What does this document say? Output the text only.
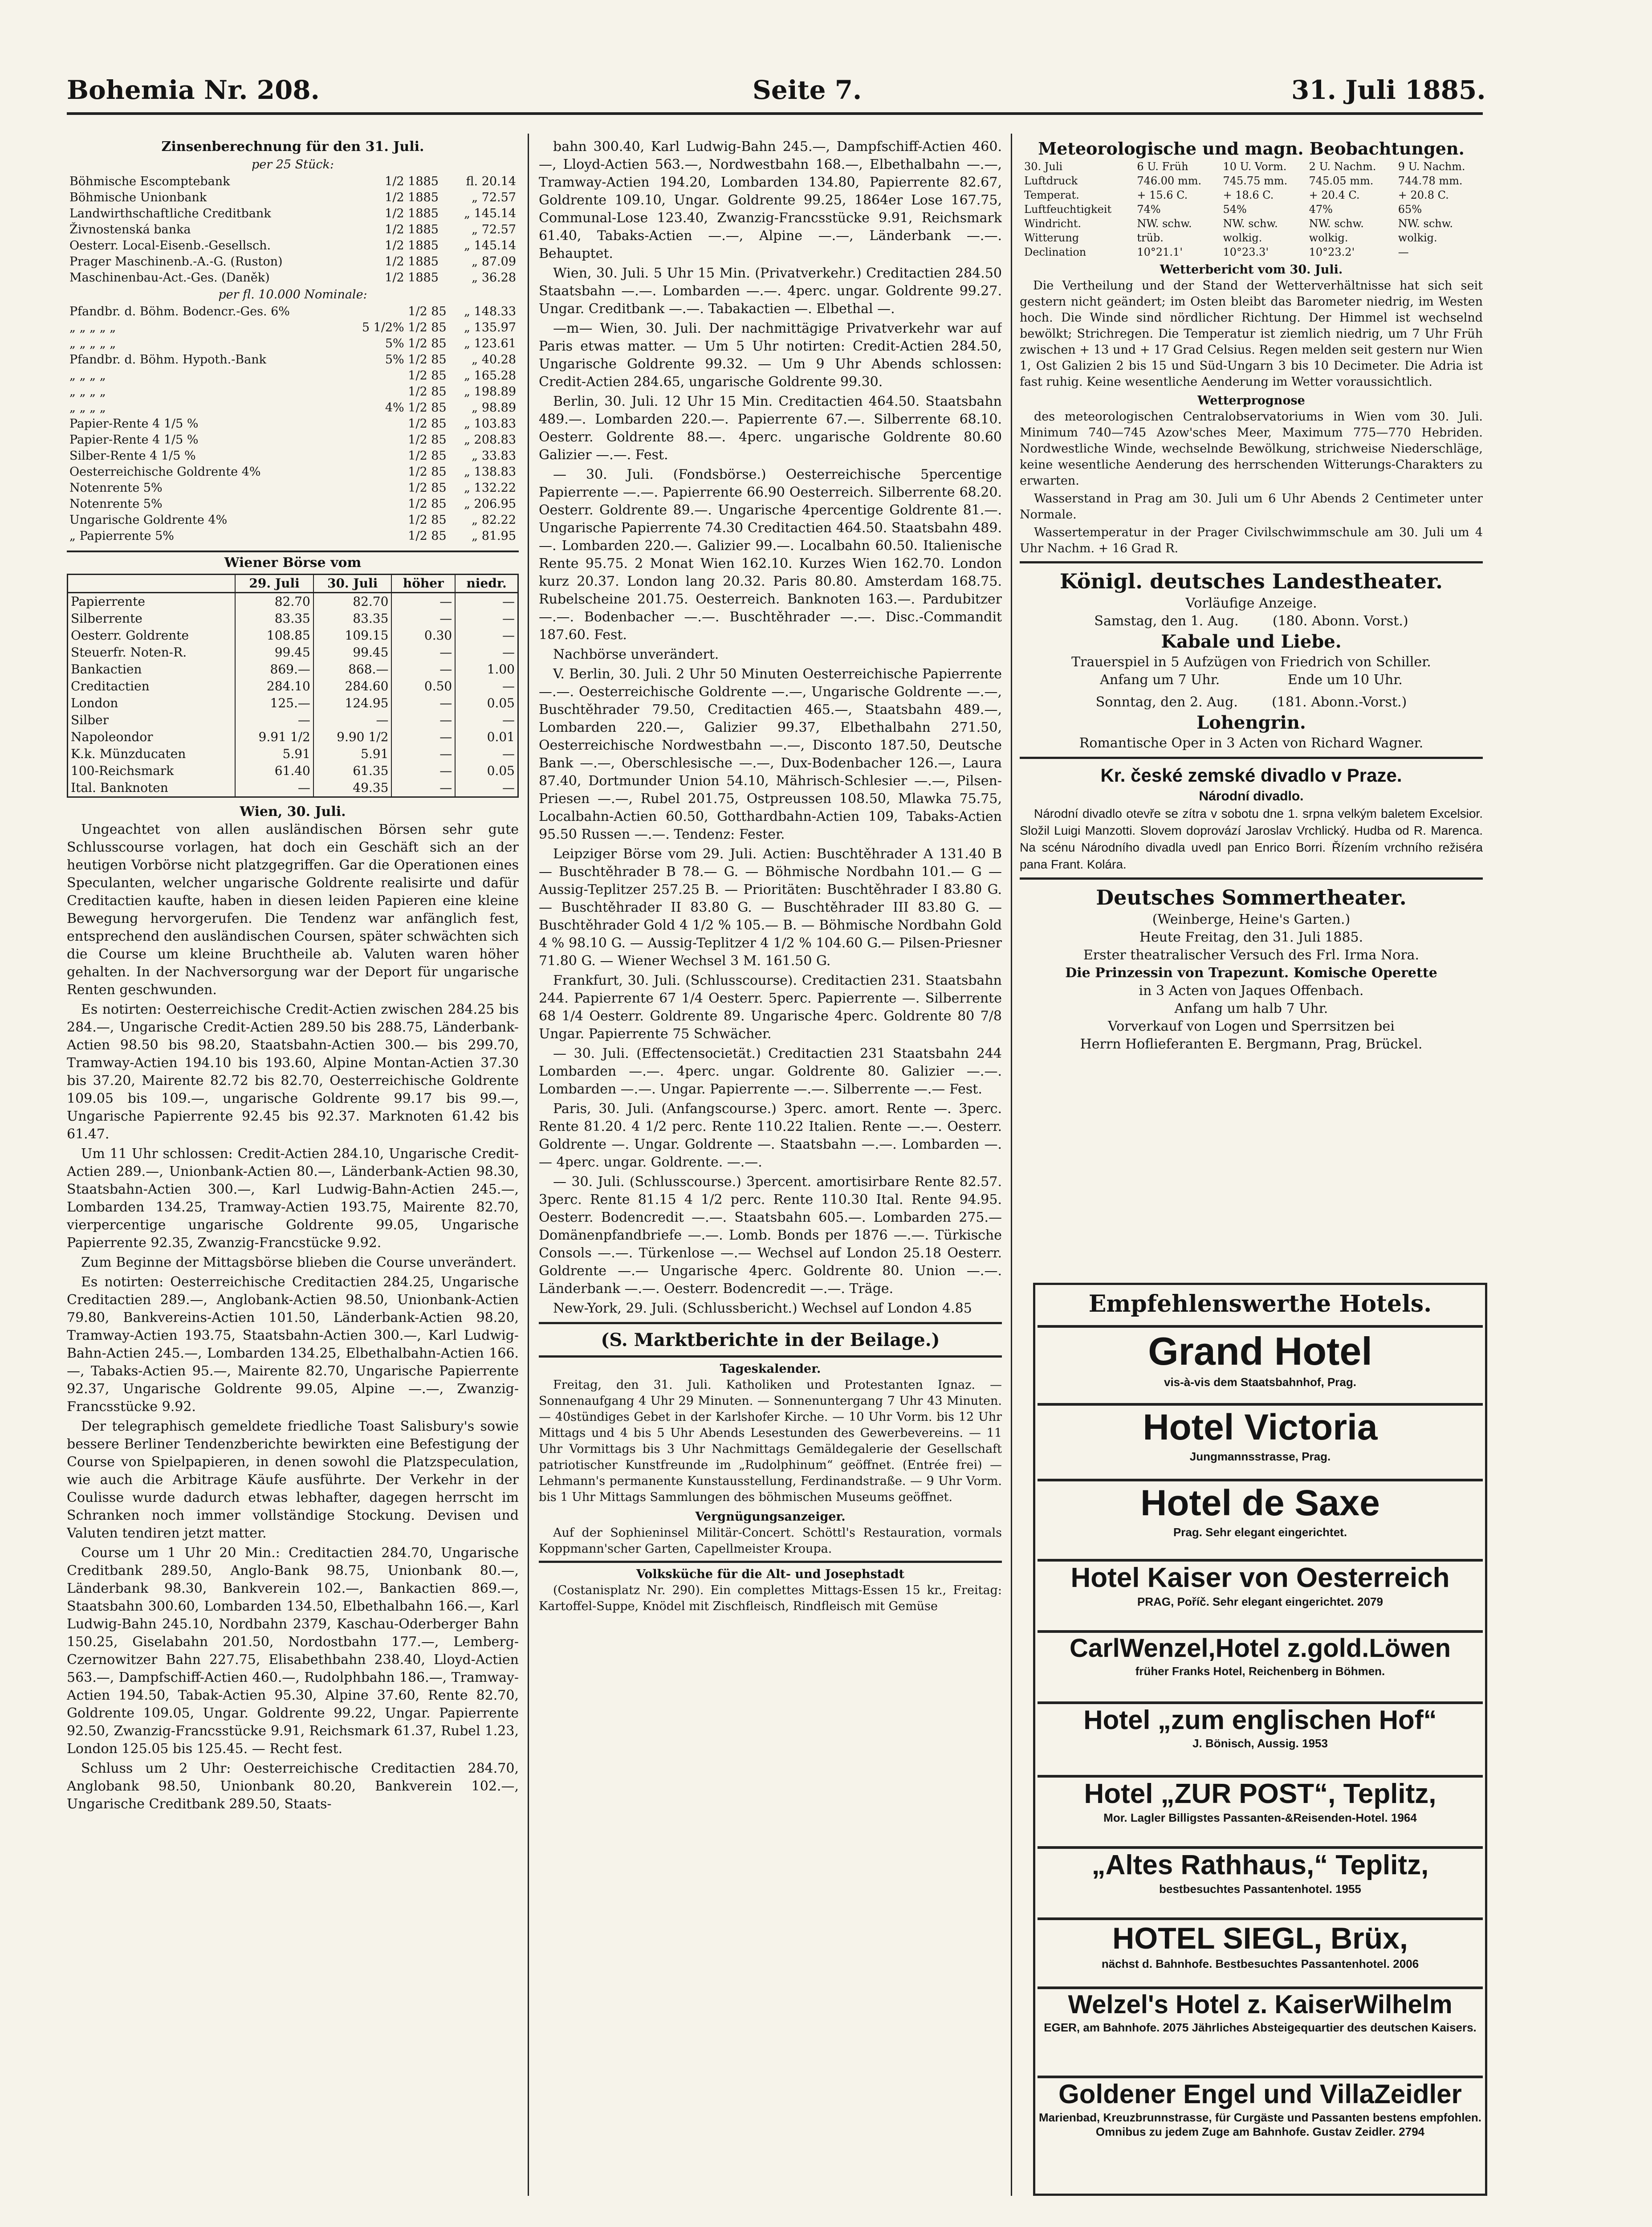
Bohemia Nr. 208.	Seite 7.	31. Juli 1885.
Zinsenberechnung für den 31. Juli.
per 25 Stück:
Böhmische Escomptebank	1/2 1885	fl. 20.14
Böhmische Unionbank	1/2 1885	„ 72.57
Landwirthschaftliche Creditbank	1/2 1885	„ 145.14
Živnostenská banka	1/2 1885	„ 72.57
Oesterr. Local-Eisenb.-Gesellsch.	1/2 1885	„ 145.14
Prager Maschinenb.-A.-G. (Ruston)	1/2 1885	„ 87.09
Maschinenbau-Act.-Ges. (Daněk)	1/2 1885	„ 36.28
per fl. 10.000 Nominale:
Pfandbr. d. Böhm. Bodencr.-Ges. 6%	1/2 85	„ 148.33
„ „ „ „ „	5 1/2% 1/2 85	„ 135.97
„ „ „ „ „	5% 1/2 85	„ 123.61
Pfandbr. d. Böhm. Hypoth.-Bank	5% 1/2 85	„ 40.28
„ „ „ „	1/2 85	„ 165.28
„ „ „ „	1/2 85	„ 198.89
„ „ „ „	4% 1/2 85	„ 98.89
Papier-Rente 4 1/5 %	1/2 85	„ 103.83
Papier-Rente 4 1/5 %	1/2 85	„ 208.83
Silber-Rente 4 1/5 %	1/2 85	„ 33.83
Oesterreichische Goldrente 4%	1/2 85	„ 138.83
Notenrente 5%	1/2 85	„ 132.22
Notenrente 5%	1/2 85	„ 206.95
Ungarische Goldrente 4%	1/2 85	„ 82.22
„ Papierrente 5%	1/2 85	„ 81.95
Wiener Börse vom
	29. Juli	30. Juli	höher	niedr.
Papierrente	82.70	82.70	—	—
Silberrente	83.35	83.35	—	—
Oesterr. Goldrente	108.85	109.15	0.30	—
Steuerfr. Noten-R.	99.45	99.45	—	—
Bankactien	869.—	868.—	—	1.00
Creditactien	284.10	284.60	0.50	—
London	125.—	124.95	—	0.05
Silber	—	—	—	—
Napoleondor	9.91 1/2	9.90 1/2	—	0.01
K.k. Münzducaten	5.91	5.91	—	—
100-Reichsmark	61.40	61.35	—	0.05
Ital. Banknoten	—	49.35	—	—
Wien, 30. Juli.

Ungeachtet von allen ausländischen Börsen sehr gute Schlusscourse vorlagen, hat doch ein Geschäft sich an der heutigen Vorbörse nicht platzgegriffen. Gar die Operationen eines Speculanten, welcher ungarische Goldrente realisirte und dafür Creditactien kaufte, haben in diesen leiden Papieren eine kleine Bewegung hervorgerufen. Die Tendenz war anfänglich fest, entsprechend den ausländischen Coursen, später schwächten sich die Course um kleine Bruchtheile ab. Valuten waren höher gehalten. In der Nachversorgung war der Deport für ungarische Renten geschwunden.

Es notirten: Oesterreichische Credit-Actien zwischen 284.25 bis 284.—, Ungarische Credit-Actien 289.50 bis 288.75, Länderbank-Actien 98.50 bis 98.20, Staatsbahn-Actien 300.— bis 299.70, Tramway-Actien 194.10 bis 193.60, Alpine Montan-Actien 37.30 bis 37.20, Mairente 82.72 bis 82.70, Oesterreichische Goldrente 109.05 bis 109.—, ungarische Goldrente 99.17 bis 99.—, Ungarische Papierrente 92.45 bis 92.37. Marknoten 61.42 bis 61.47.

Um 11 Uhr schlossen: Credit-Actien 284.10, Ungarische Credit-Actien 289.—, Unionbank-Actien 80.—, Länderbank-Actien 98.30, Staatsbahn-Actien 300.—, Karl Ludwig-Bahn-Actien 245.—, Lombarden 134.25, Tramway-Actien 193.75, Mairente 82.70, vierpercentige ungarische Goldrente 99.05, Ungarische Papierrente 92.35, Zwanzig-Francstücke 9.92.

Zum Beginne der Mittagsbörse blieben die Course unverändert.

Es notirten: Oesterreichische Creditactien 284.25, Ungarische Creditactien 289.—, Anglobank-Actien 98.50, Unionbank-Actien 79.80, Bankvereins-Actien 101.50, Länderbank-Actien 98.20, Tramway-Actien 193.75, Staatsbahn-Actien 300.—, Karl Ludwig-Bahn-Actien 245.—, Lombarden 134.25, Elbethalbahn-Actien 166.—, Tabaks-Actien 95.—, Mairente 82.70, Ungarische Papierrente 92.37, Ungarische Goldrente 99.05, Alpine —.—, Zwanzig-Francsstücke 9.92.

Der telegraphisch gemeldete friedliche Toast Salisbury's sowie bessere Berliner Tendenzberichte bewirkten eine Befestigung der Course von Spielpapieren, in denen sowohl die Platzspeculation, wie auch die Arbitrage Käufe ausführte. Der Verkehr in der Coulisse wurde dadurch etwas lebhafter, dagegen herrscht im Schranken noch immer vollständige Stockung. Devisen und Valuten tendiren jetzt matter.

Course um 1 Uhr 20 Min.: Creditactien 284.70, Ungarische Creditbank 289.50, Anglo-Bank 98.75, Unionbank 80.—, Länderbank 98.30, Bankverein 102.—, Bankactien 869.—, Staatsbahn 300.60, Lombarden 134.50, Elbethalbahn 166.—, Karl Ludwig-Bahn 245.10, Nordbahn 2379, Kaschau-Oderberger Bahn 150.25, Giselabahn 201.50, Nordostbahn 177.—, Lemberg-Czernowitzer Bahn 227.75, Elisabethbahn 238.40, Lloyd-Actien 563.—, Dampfschiff-Actien 460.—, Rudolphbahn 186.—, Tramway-Actien 194.50, Tabak-Actien 95.30, Alpine 37.60, Rente 82.70, Goldrente 109.05, Ungar. Goldrente 99.22, Ungar. Papierrente 92.50, Zwanzig-Francsstücke 9.91, Reichsmark 61.37, Rubel 1.23, London 125.05 bis 125.45. — Recht fest.

Schluss um 2 Uhr: Oesterreichische Creditactien 284.70, Anglobank 98.50, Unionbank 80.20, Bankverein 102.—, Ungarische Creditbank 289.50, Staats-

bahn 300.40, Karl Ludwig-Bahn 245.—, Dampfschiff-Actien 460.—, Lloyd-Actien 563.—, Nordwestbahn 168.—, Elbethalbahn —.—, Tramway-Actien 194.20, Lombarden 134.80, Papierrente 82.67, Goldrente 109.10, Ungar. Goldrente 99.25, 1864er Lose 167.75, Communal-Lose 123.40, Zwanzig-Francsstücke 9.91, Reichsmark 61.40, Tabaks-Actien —.—, Alpine —.—, Länderbank —.—. Behauptet.

Wien, 30. Juli. 5 Uhr 15 Min. (Privatverkehr.) Creditactien 284.50 Staatsbahn —.—. Lombarden —.—. 4perc. ungar. Goldrente 99.27. Ungar. Creditbank —.—. Tabakactien —. Elbethal —.

—m— Wien, 30. Juli. Der nachmittägige Privatverkehr war auf Paris etwas matter. — Um 5 Uhr notirten: Credit-Actien 284.50, Ungarische Goldrente 99.32. — Um 9 Uhr Abends schlossen: Credit-Actien 284.65, ungarische Goldrente 99.30.

Berlin, 30. Juli. 12 Uhr 15 Min. Creditactien 464.50. Staatsbahn 489.—. Lombarden 220.—. Papierrente 67.—. Silberrente 68.10. Oesterr. Goldrente 88.—. 4perc. ungarische Goldrente 80.60 Galizier —.—. Fest.

— 30. Juli. (Fondsbörse.) Oesterreichische 5percentige Papierrente —.—. Papierrente 66.90 Oesterreich. Silberrente 68.20. Oesterr. Goldrente 89.—. Ungarische 4percentige Goldrente 81.—. Ungarische Papierrente 74.30 Creditactien 464.50. Staatsbahn 489.—. Lombarden 220.—. Galizier 99.—. Localbahn 60.50. Italienische Rente 95.75. 2 Monat Wien 162.10. Kurzes Wien 162.70. London kurz 20.37. London lang 20.32. Paris 80.80. Amsterdam 168.75. Rubelscheine 201.75. Oesterreich. Banknoten 163.—. Pardubitzer —.—. Bodenbacher —.—. Buschtěhrader —.—. Disc.-Commandit 187.60. Fest.

Nachbörse unverändert.

V. Berlin, 30. Juli. 2 Uhr 50 Minuten Oesterreichische Papierrente —.—. Oesterreichische Goldrente —.—, Ungarische Goldrente —.—, Buschtěhrader 79.50, Creditactien 465.—, Staatsbahn 489.—, Lombarden 220.—, Galizier 99.37, Elbethalbahn 271.50, Oesterreichische Nordwestbahn —.—, Disconto 187.50, Deutsche Bank —.—, Oberschlesische —.—, Dux-Bodenbacher 126.—, Laura 87.40, Dortmunder Union 54.10, Mährisch-Schlesier —.—, Pilsen-Priesen —.—, Rubel 201.75, Ostpreussen 108.50, Mlawka 75.75, Localbahn-Actien 60.50, Gotthardbahn-Actien 109, Tabaks-Actien 95.50 Russen —.—. Tendenz: Fester.

Leipziger Börse vom 29. Juli. Actien: Buschtěhrader A 131.40 B — Buschtěhrader B 78.— G. — Böhmische Nordbahn 101.— G — Aussig-Teplitzer 257.25 B. — Prioritäten: Buschtěhrader I 83.80 G. — Buschtěhrader II 83.80 G. — Buschtěhrader III 83.80 G. — Buschtěhrader Gold 4 1/2 % 105.— B. — Böhmische Nordbahn Gold 4 % 98.10 G. — Aussig-Teplitzer 4 1/2 % 104.60 G.— Pilsen-Priesner 71.80 G. — Wiener Wechsel 3 M. 161.50 G.

Frankfurt, 30. Juli. (Schlusscourse). Creditactien 231. Staatsbahn 244. Papierrente 67 1/4 Oesterr. 5perc. Papierrente —. Silberrente 68 1/4 Oesterr. Goldrente 89. Ungarische 4perc. Goldrente 80 7/8 Ungar. Papierrente 75 Schwächer.

— 30. Juli. (Effectensocietät.) Creditactien 231 Staatsbahn 244 Lombarden —.—. 4perc. ungar. Goldrente 80. Galizier —.—. Lombarden —.—. Ungar. Papierrente —.—. Silberrente —.— Fest.

Paris, 30. Juli. (Anfangscourse.) 3perc. amort. Rente —. 3perc. Rente 81.20. 4 1/2 perc. Rente 110.22 Italien. Rente —.—. Oesterr. Goldrente —. Ungar. Goldrente —. Staatsbahn —.—. Lombarden —.— 4perc. ungar. Goldrente. —.—.

— 30. Juli. (Schlusscourse.) 3percent. amortisirbare Rente 82.57. 3perc. Rente 81.15 4 1/2 perc. Rente 110.30 Ital. Rente 94.95. Oesterr. Bodencredit —.—. Staatsbahn 605.—. Lombarden 275.— Domänenpfandbriefe —.—. Lomb. Bonds per 1876 —.—. Türkische Consols —.—. Türkenlose —.— Wechsel auf London 25.18 Oesterr. Goldrente —.— Ungarische 4perc. Goldrente 80. Union —.—. Länderbank —.—. Oesterr. Bodencredit —.—. Träge.

New-York, 29. Juli. (Schlussbericht.) Wechsel auf London 4.85

(S. Marktberichte in der Beilage.)
Tageskalender.

Freitag, den 31. Juli. Katholiken und Protestanten Ignaz. — Sonnenaufgang 4 Uhr 29 Minuten. — Sonnenuntergang 7 Uhr 43 Minuten. — 40stündiges Gebet in der Karlshofer Kirche. — 10 Uhr Vorm. bis 12 Uhr Mittags und 4 bis 5 Uhr Abends Lesestunden des Gewerbevereins. — 11 Uhr Vormittags bis 3 Uhr Nachmittags Gemäldegalerie der Gesellschaft patriotischer Kunstfreunde im „Rudolphinum“ geöffnet. (Entrée frei) — Lehmann's permanente Kunstausstellung, Ferdinandstraße. — 9 Uhr Vorm. bis 1 Uhr Mittags Sammlungen des böhmischen Museums geöffnet.

Vergnügungsanzeiger.

Auf der Sophieninsel Militär-Concert. Schöttl's Restauration, vormals Koppmann'scher Garten, Capellmeister Kroupa.

Volksküche für die Alt- und Josephstadt

(Costanisplatz Nr. 290). Ein complettes Mittags-Essen 15 kr., Freitag: Kartoffel-Suppe, Knödel mit Zischfleisch, Rindfleisch mit Gemüse

Meteorologische und magn. Beobachtungen.
30. Juli	6 U. Früh	10 U. Vorm.	2 U. Nachm.	9 U. Nachm.
Luftdruck	746.00 mm.	745.75 mm.	745.05 mm.	744.78 mm.
Temperat.	+ 15.6 C.	+ 18.6 C.	+ 20.4 C.	+ 20.8 C.
Luftfeuchtigkeit	74%	54%	47%	65%
Windricht.	NW. schw.	NW. schw.	NW. schw.	NW. schw.
Witterung	trüb.	wolkig.	wolkig.	wolkig.
Declination	10°21.1'	10°23.3'	10°23.2'	—
Wetterbericht vom 30. Juli.

Die Vertheilung und der Stand der Wetterverhältnisse hat sich seit gestern nicht geändert; im Osten bleibt das Barometer niedrig, im Westen hoch. Die Winde sind nördlicher Richtung. Der Himmel ist wechselnd bewölkt; Strichregen. Die Temperatur ist ziemlich niedrig, um 7 Uhr Früh zwischen + 13 und + 17 Grad Celsius. Regen melden seit gestern nur Wien 1, Ost Galizien 2 bis 15 und Süd-Ungarn 3 bis 10 Decimeter. Die Adria ist fast ruhig. Keine wesentliche Aenderung im Wetter voraussichtlich.

Wetterprognose

des meteorologischen Centralobservatoriums in Wien vom 30. Juli. Minimum 740—745 Azow'sches Meer, Maximum 775—770 Hebriden. Nordwestliche Winde, wechselnde Bewölkung, strichweise Niederschläge, keine wesentliche Aenderung des herrschenden Witterungs-Charakters zu erwarten.

Wasserstand in Prag am 30. Juli um 6 Uhr Abends 2 Centimeter unter Normale.

Wassertemperatur in der Prager Civilschwimmschule am 30. Juli um 4 Uhr Nachm. + 16 Grad R.

Königl. deutsches Landestheater.
Vorläufige Anzeige.
Samstag, den 1. Aug.        (180. Abonn. Vorst.)
Kabale und Liebe.
Trauerspiel in 5 Aufzügen von Friedrich von Schiller.
Anfang um 7 Uhr.                Ende um 10 Uhr.
Sonntag, den 2. Aug.        (181. Abonn.-Vorst.)
Lohengrin.
Romantische Oper in 3 Acten von Richard Wagner.
Kr. české zemské divadlo v Praze.
Národní divadlo.

Národní divadlo otevře se zítra v sobotu dne 1. srpna velkým baletem Excelsior. Složil Luigi Manzotti. Slovem doprovází Jaroslav Vrchlický. Hudba od R. Marenca. Na scénu Národního divadla uvedl pan Enrico Borri. Řízením vrchního režiséra pana Frant. Kolára.

Deutsches Sommertheater.
(Weinberge, Heine's Garten.)
Heute Freitag, den 31. Juli 1885.
Erster theatralischer Versuch des Frl. Irma Nora.
Die Prinzessin von Trapezunt. Komische Operette
in 3 Acten von Jaques Offenbach.
Anfang um halb 7 Uhr.
Vorverkauf von Logen und Sperrsitzen bei
Herrn Hoflieferanten E. Bergmann, Prag, Brückel.
Empfehlenswerthe Hotels.
Grand Hotel
vis-à-vis dem Staatsbahnhof, Prag.
Hotel Victoria
Jungmannsstrasse, Prag.
Hotel de Saxe
Prag. Sehr elegant eingerichtet.
Hotel Kaiser von Oesterreich
PRAG, Poříč. Sehr elegant eingerichtet. 2079
CarlWenzel,Hotel z.gold.Löwen
früher Franks Hotel, Reichenberg in Böhmen.
Hotel „zum englischen Hof“
J. Bönisch, Aussig. 1953
Hotel „ZUR POST“, Teplitz,
Mor. Lagler Billigstes Passanten-&Reisenden-Hotel. 1964
„Altes Rathhaus,“ Teplitz,
bestbesuchtes Passantenhotel. 1955
HOTEL SIEGL, Brüx,
nächst d. Bahnhofe. Bestbesuchtes Passantenhotel. 2006
Welzel's Hotel z. KaiserWilhelm
EGER, am Bahnhofe. 2075 Jährliches Absteigequartier des deutschen Kaisers.
Goldener Engel und VillaZeidler
Marienbad, Kreuzbrunnstrasse, für Curgäste und Passanten bestens empfohlen. Omnibus zu jedem Zuge am Bahnhofe. Gustav Zeidler. 2794
